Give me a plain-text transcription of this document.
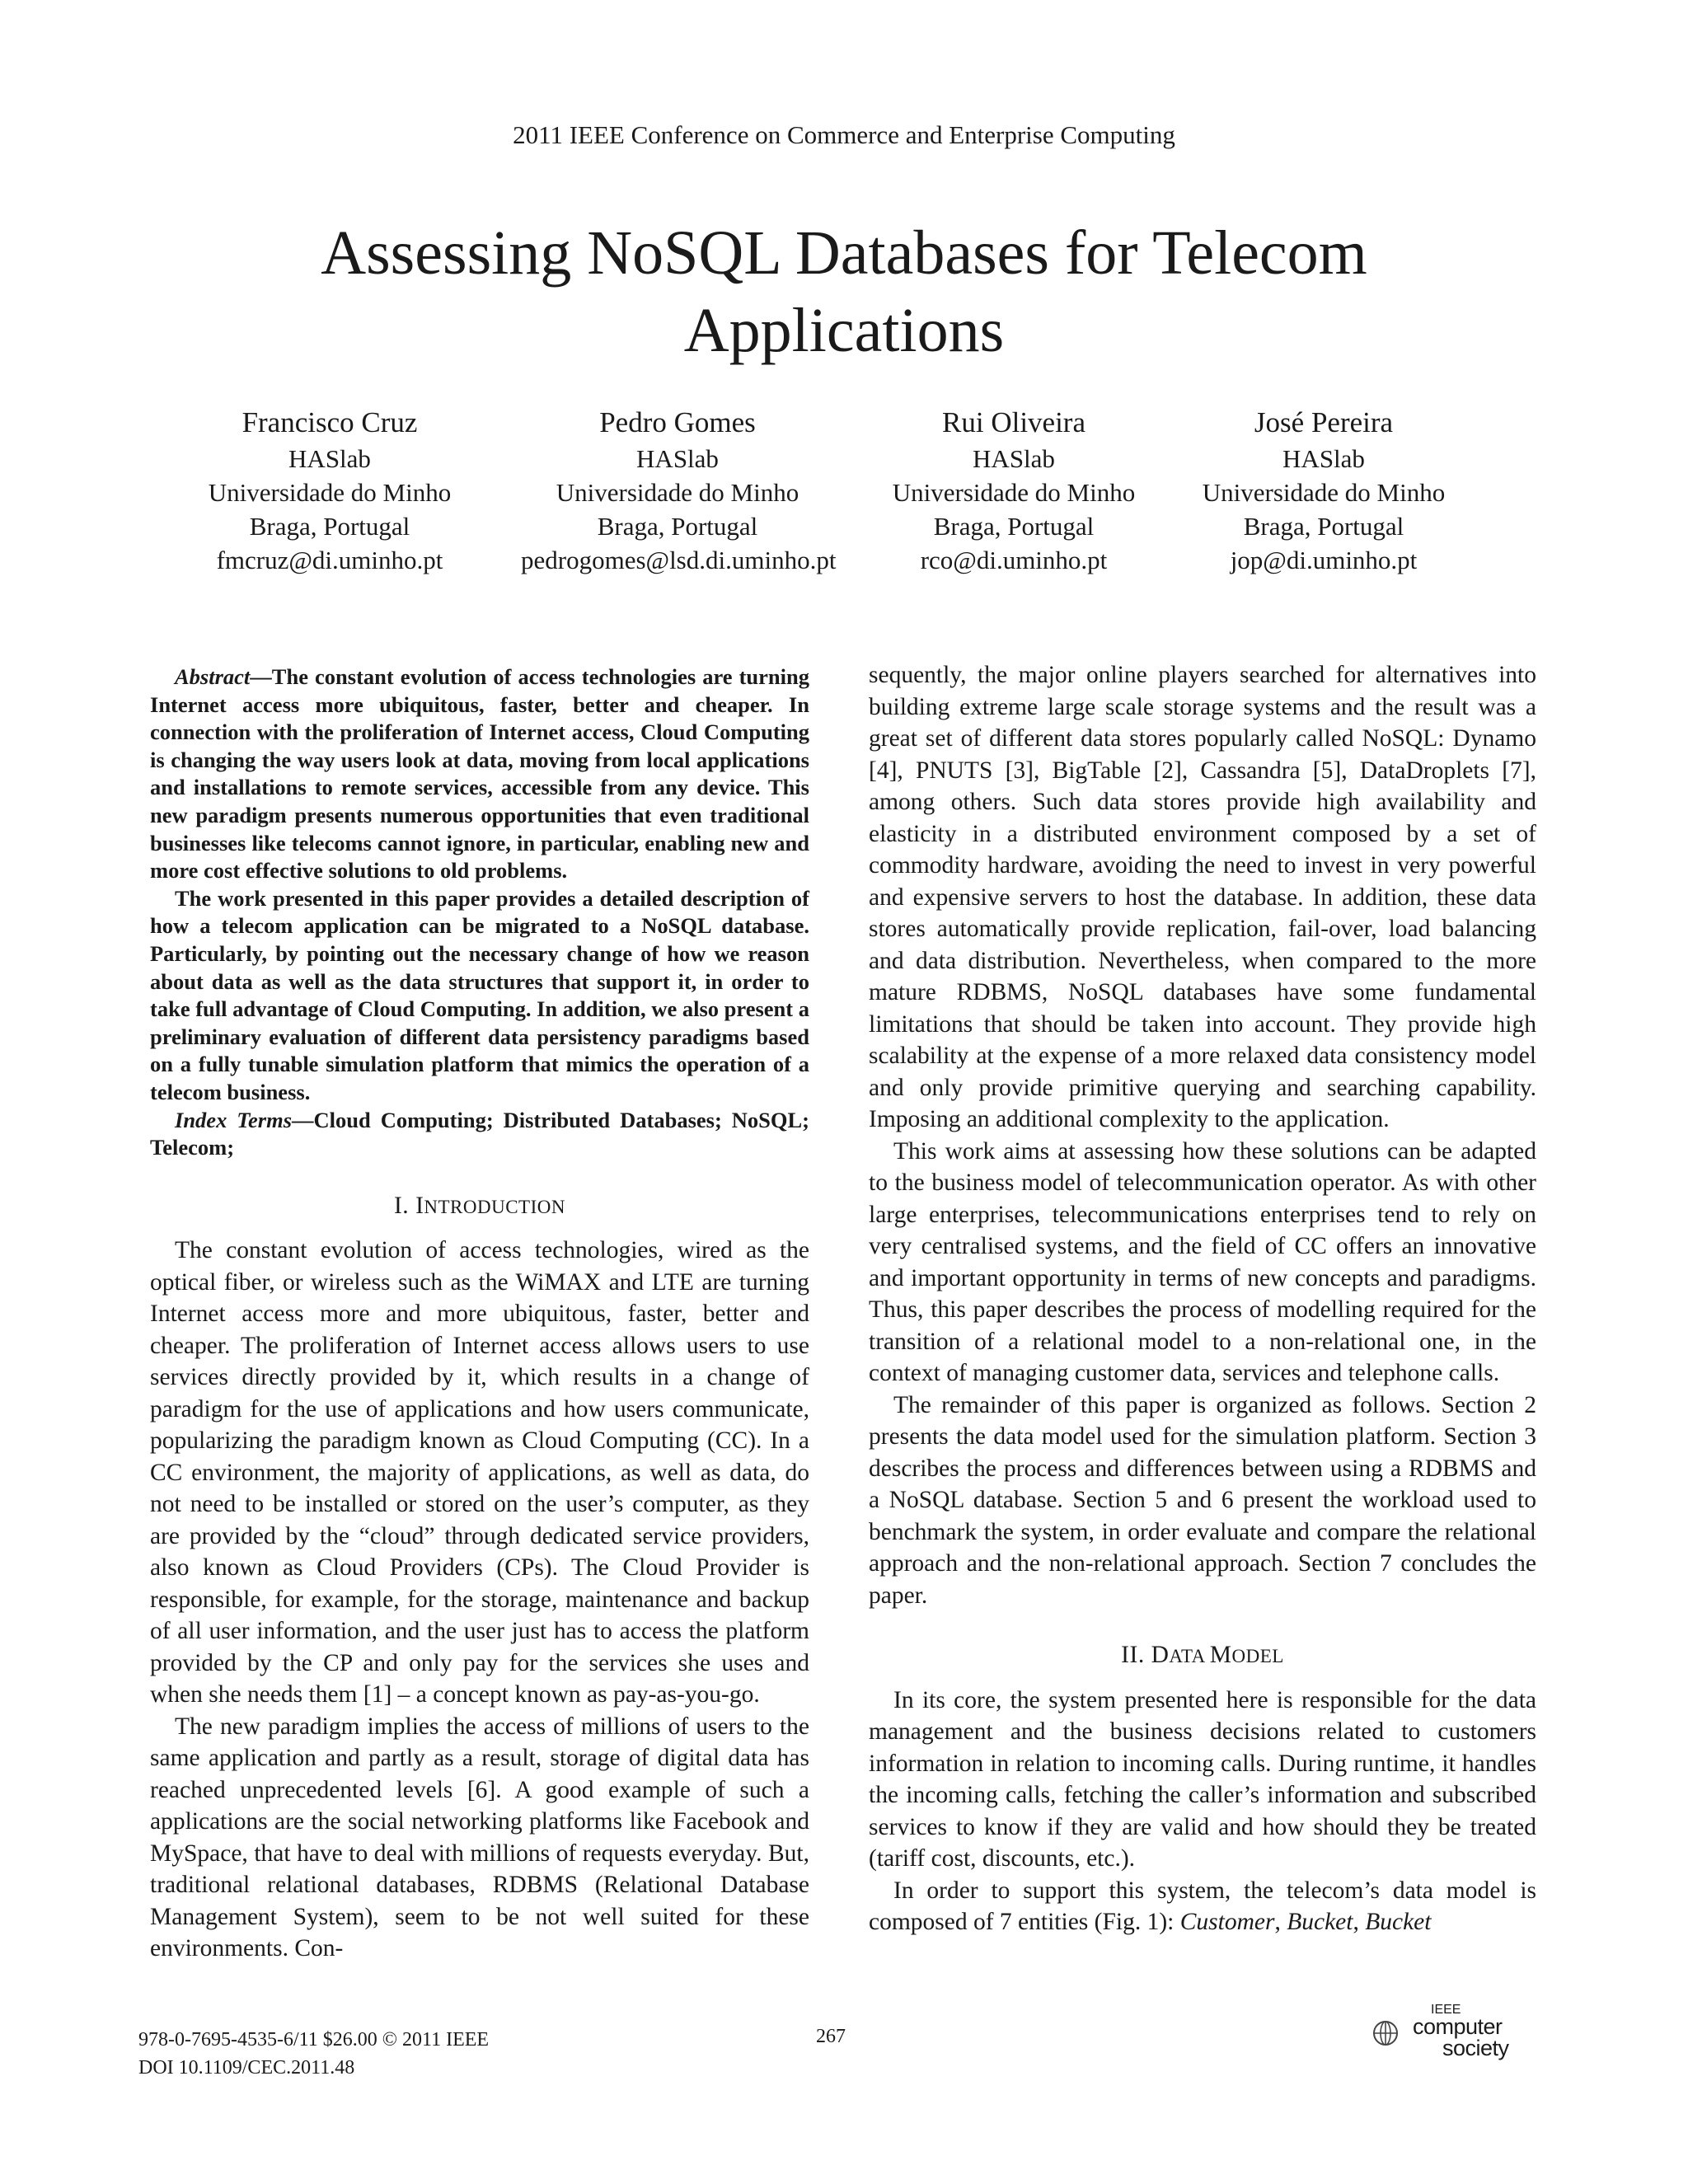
2011 IEEE Conference on Commerce and Enterprise Computing
Assessing NoSQL Databases for Telecom
Applications
Francisco Cruz
HASlab
Universidade do Minho
Braga, Portugal
fmcruz@di.uminho.pt
Pedro Gomes
HASlab
Universidade do Minho
Braga, Portugal
pedrogomes@lsd.di.uminho.pt
Rui Oliveira
HASlab
Universidade do Minho
Braga, Portugal
rco@di.uminho.pt
José Pereira
HASlab
Universidade do Minho
Braga, Portugal
jop@di.uminho.pt

Abstract—The constant evolution of access technologies are turning Internet access more ubiquitous, faster, better and cheaper. In connection with the proliferation of Internet access, Cloud Computing is changing the way users look at data, moving from local applications and installations to remote services, accessible from any device. This new paradigm presents numerous opportunities that even traditional businesses like telecoms cannot ignore, in particular, enabling new and more cost effective solutions to old problems.

The work presented in this paper provides a detailed description of how a telecom application can be migrated to a NoSQL database. Particularly, by pointing out the necessary change of how we reason about data as well as the data structures that support it, in order to take full advantage of Cloud Computing. In addition, we also present a preliminary evaluation of different data persistency paradigms based on a fully tunable simulation platform that mimics the operation of a telecom business.

Index Terms—Cloud Computing; Distributed Databases; NoSQL; Telecom;

I. INTRODUCTION

The constant evolution of access technologies, wired as the optical fiber, or wireless such as the WiMAX and LTE are turning Internet access more and more ubiquitous, faster, better and cheaper. The proliferation of Internet access allows users to use services directly provided by it, which results in a change of paradigm for the use of applications and how users communicate, popularizing the paradigm known as Cloud Computing (CC). In a CC environment, the majority of applications, as well as data, do not need to be installed or stored on the user’s computer, as they are provided by the “cloud” through dedicated service providers, also known as Cloud Providers (CPs). The Cloud Provider is responsible, for example, for the storage, maintenance and backup of all user information, and the user just has to access the platform provided by the CP and only pay for the services she uses and when she needs them [1] – a concept known as pay-as-you-go.

The new paradigm implies the access of millions of users to the same application and partly as a result, storage of digital data has reached unprecedented levels [6]. A good example of such a applications are the social networking platforms like Facebook and MySpace, that have to deal with millions of requests everyday. But, traditional relational databases, RDBMS (Relational Database Management System), seem to be not well suited for these environments. Con-

sequently, the major online players searched for alternatives into building extreme large scale storage systems and the result was a great set of different data stores popularly called NoSQL: Dynamo [4], PNUTS [3], BigTable [2], Cassandra [5], DataDroplets [7], among others. Such data stores provide high availability and elasticity in a distributed environment composed by a set of commodity hardware, avoiding the need to invest in very powerful and expensive servers to host the database. In addition, these data stores automatically provide replication, fail-over, load balancing and data distribution. Nevertheless, when compared to the more mature RDBMS, NoSQL databases have some fundamental limitations that should be taken into account. They provide high scalability at the expense of a more relaxed data consistency model and only provide primitive querying and searching capability. Imposing an additional complexity to the application.

This work aims at assessing how these solutions can be adapted to the business model of telecommunication operator. As with other large enterprises, telecommunications enterprises tend to rely on very centralised systems, and the field of CC offers an innovative and important opportunity in terms of new concepts and paradigms. Thus, this paper describes the process of modelling required for the transition of a relational model to a non-relational one, in the context of managing customer data, services and telephone calls.

The remainder of this paper is organized as follows. Section 2 presents the data model used for the simulation platform. Section 3 describes the process and differences between using a RDBMS and a NoSQL database. Section 5 and 6 present the workload used to benchmark the system, in order evaluate and compare the relational approach and the non-relational approach. Section 7 concludes the paper.

II. DATA MODEL

In its core, the system presented here is responsible for the data management and the business decisions related to customers information in relation to incoming calls. During runtime, it handles the incoming calls, fetching the caller’s information and subscribed services to know if they are valid and how should they be treated (tariff cost, discounts, etc.).

In order to support this system, the telecom’s data model is composed of 7 entities (Fig. 1): Customer, Bucket, Bucket

978-0-7695-4535-6/11 $26.00 © 2011 IEEE
DOI 10.1109/CEC.2011.48
267
IEEE
computer
society
